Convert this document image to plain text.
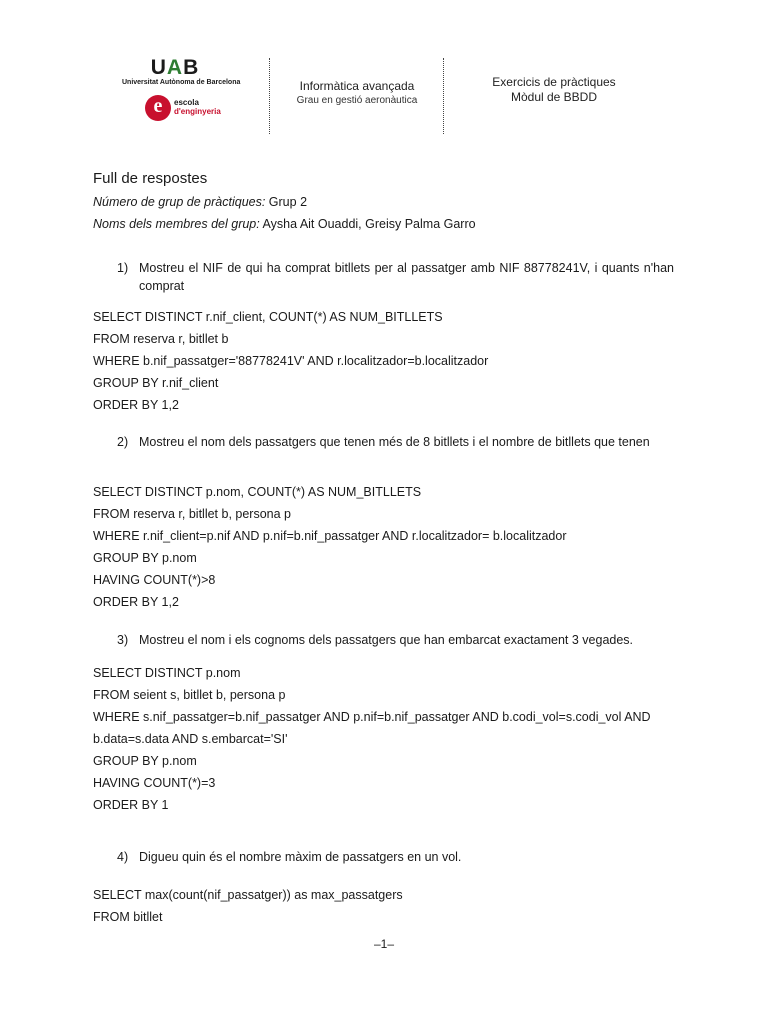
UAB
Universitat Autònoma de Barcelona
e	escola
d'enginyeria
Informàtica avançada
Grau en gestió aeronàutica
Exercicis de pràctiques
Mòdul de BBDD
Full de respostes
Número de grup de pràctiques: Grup 2
Noms dels membres del grup: Aysha Ait Ouaddi, Greisy Palma Garro
1) Mostreu el NIF de qui ha comprat bitllets per al passatger amb NIF 88778241V, i quants n'han comprat
SELECT DISTINCT r.nif_client, COUNT(*) AS NUM_BITLLETS
FROM reserva r, bitllet b
WHERE b.nif_passatger='88778241V' AND r.localitzador=b.localitzador
GROUP BY r.nif_client
ORDER BY 1,2
2) Mostreu el nom dels passatgers que tenen més de 8 bitllets i el nombre de bitllets que tenen
SELECT DISTINCT p.nom, COUNT(*) AS NUM_BITLLETS
FROM reserva r, bitllet b, persona p
WHERE r.nif_client=p.nif AND p.nif=b.nif_passatger AND r.localitzador= b.localitzador
GROUP BY p.nom
HAVING COUNT(*)>8
ORDER BY 1,2
3) Mostreu el nom i els cognoms dels passatgers que han embarcat exactament 3 vegades.
SELECT DISTINCT p.nom
FROM seient s, bitllet b, persona p
WHERE s.nif_passatger=b.nif_passatger AND p.nif=b.nif_passatger AND b.codi_vol=s.codi_vol AND
b.data=s.data AND s.embarcat='SI'
GROUP BY p.nom
HAVING COUNT(*)=3
ORDER BY 1
4) Digueu quin és el nombre màxim de passatgers en un vol.
SELECT max(count(nif_passatger)) as max_passatgers
FROM bitllet
–1–
